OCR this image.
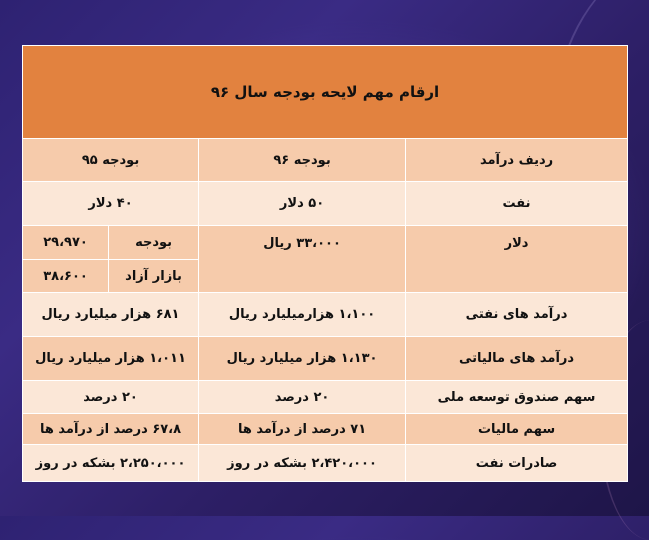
ارقام مهم لایحه بودجه سال ۹۶			
ردیف درآمد	بودجه ۹۶	بودجه ۹۵	
نفت	۵۰ دلار	۴۰ دلار	
دلار	۳۳،۰۰۰ ریال	بودجه	۲۹،۹۷۰
		بازار آزاد	۳۸،۶۰۰
درآمد های نفتی	۱،۱۰۰ هزارمیلیارد ریال	۶۸۱ هزار میلیارد ریال	
درآمد های مالیاتی	۱،۱۳۰ هزار میلیارد ریال	۱،۰۱۱ هزار میلیارد ریال	
سهم صندوق توسعه ملی	۲۰ درصد	۲۰ درصد	
سهم مالیات	۷۱ درصد از درآمد ها	۶۷،۸ درصد از درآمد ها	
صادرات نفت	۲،۴۲۰،۰۰۰ بشکه در روز	۲،۲۵۰،۰۰۰ بشکه در روز	
